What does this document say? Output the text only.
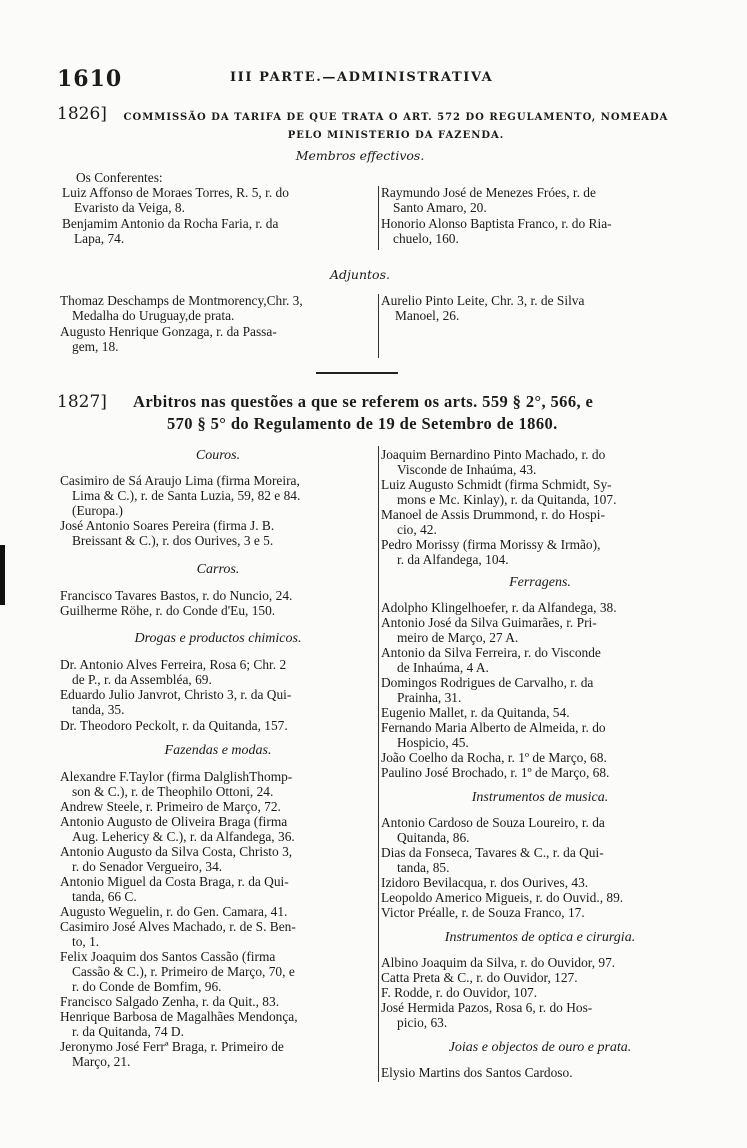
1610	III PARTE.—ADMINISTRATIVA
1826]	COMMISSÃO DA TARIFA DE QUE TRATA O ART. 572 DO REGULAMENTO, NOMEADA
PELO MINISTERIO DA FAZENDA.
Membros effectivos.
Os Conferentes:
Luiz Affonso de Moraes Torres, R. 5, r. do
Evaristo da Veiga, 8.
Benjamim Antonio da Rocha Faria, r. da
Lapa, 74.
Raymundo José de Menezes Fróes, r. de
Santo Amaro, 20.
Honorio Alonso Baptista Franco, r. do Ria-
chuelo, 160.
Adjuntos.
Thomaz Deschamps de Montmorency,Chr. 3,
Medalha do Uruguay,de prata.
Augusto Henrique Gonzaga, r. da Passa-
gem, 18.
Aurelio Pinto Leite, Chr. 3, r. de Silva
Manoel, 26.
1827] Arbitros nas questões a que se referem os arts. 559 § 2°, 566, e
570 § 5° do Regulamento de 19 de Setembro de 1860.
Couros.
Casimiro de Sá Araujo Lima (firma Moreira,
Lima & C.), r. de Santa Luzia, 59, 82 e 84.
(Europa.)
José Antonio Soares Pereira (firma J. B.
Breissant & C.), r. dos Ourives, 3 e 5.
Carros.
Francisco Tavares Bastos, r. do Nuncio, 24.
Guilherme Röhe, r. do Conde d'Eu, 150.
Drogas e productos chimicos.
Dr. Antonio Alves Ferreira, Rosa 6; Chr. 2
de P., r. da Assembléa, 69.
Eduardo Julio Janvrot, Christo 3, r. da Qui-
tanda, 35.
Dr. Theodoro Peckolt, r. da Quitanda, 157.
Fazendas e modas.
Alexandre F.Taylor (firma DalglishThomp-
son & C.), r. de Theophilo Ottoni, 24.
Andrew Steele, r. Primeiro de Março, 72.
Antonio Augusto de Oliveira Braga (firma
Aug. Lehericy & C.), r. da Alfandega, 36.
Antonio Augusto da Silva Costa, Christo 3,
r. do Senador Vergueiro, 34.
Antonio Miguel da Costa Braga, r. da Qui-
tanda, 66 C.
Augusto Weguelin, r. do Gen. Camara, 41.
Casimiro José Alves Machado, r. de S. Ben-
to, 1.
Felix Joaquim dos Santos Cassão (firma
Cassão & C.), r. Primeiro de Março, 70, e
r. do Conde de Bomfim, 96.
Francisco Salgado Zenha, r. da Quit., 83.
Henrique Barbosa de Magalhães Mendonça,
r. da Quitanda, 74 D.
Jeronymo José Ferrª Braga, r. Primeiro de
Março, 21.
Joaquim Bernardino Pinto Machado, r. do
Visconde de Inhaúma, 43.
Luiz Augusto Schmidt (firma Schmidt, Sy-
mons e Mc. Kinlay), r. da Quitanda, 107.
Manoel de Assis Drummond, r. do Hospi-
cio, 42.
Pedro Morissy (firma Morissy & Irmão),
r. da Alfandega, 104.
Ferragens.
Adolpho Klingelhoefer, r. da Alfandega, 38.
Antonio José da Silva Guimarães, r. Pri-
meiro de Março, 27 A.
Antonio da Silva Ferreira, r. do Visconde
de Inhaúma, 4 A.
Domingos Rodrigues de Carvalho, r. da
Prainha, 31.
Eugenio Mallet, r. da Quitanda, 54.
Fernando Maria Alberto de Almeida, r. do
Hospicio, 45.
João Coelho da Rocha, r. 1º de Março, 68.
Paulino José Brochado, r. 1º de Março, 68.
Instrumentos de musica.
Antonio Cardoso de Souza Loureiro, r. da
Quitanda, 86.
Dias da Fonseca, Tavares & C., r. da Qui-
tanda, 85.
Izidoro Bevilacqua, r. dos Ourives, 43.
Leopoldo Americo Migueis, r. do Ouvid., 89.
Victor Préalle, r. de Souza Franco, 17.
Instrumentos de optica e cirurgia.
Albino Joaquim da Silva, r. do Ouvidor, 97.
Catta Preta & C., r. do Ouvidor, 127.
F. Rodde, r. do Ouvidor, 107.
José Hermida Pazos, Rosa 6, r. do Hos-
picio, 63.
Joias e objectos de ouro e prata.
Elysio Martins dos Santos Cardoso.
